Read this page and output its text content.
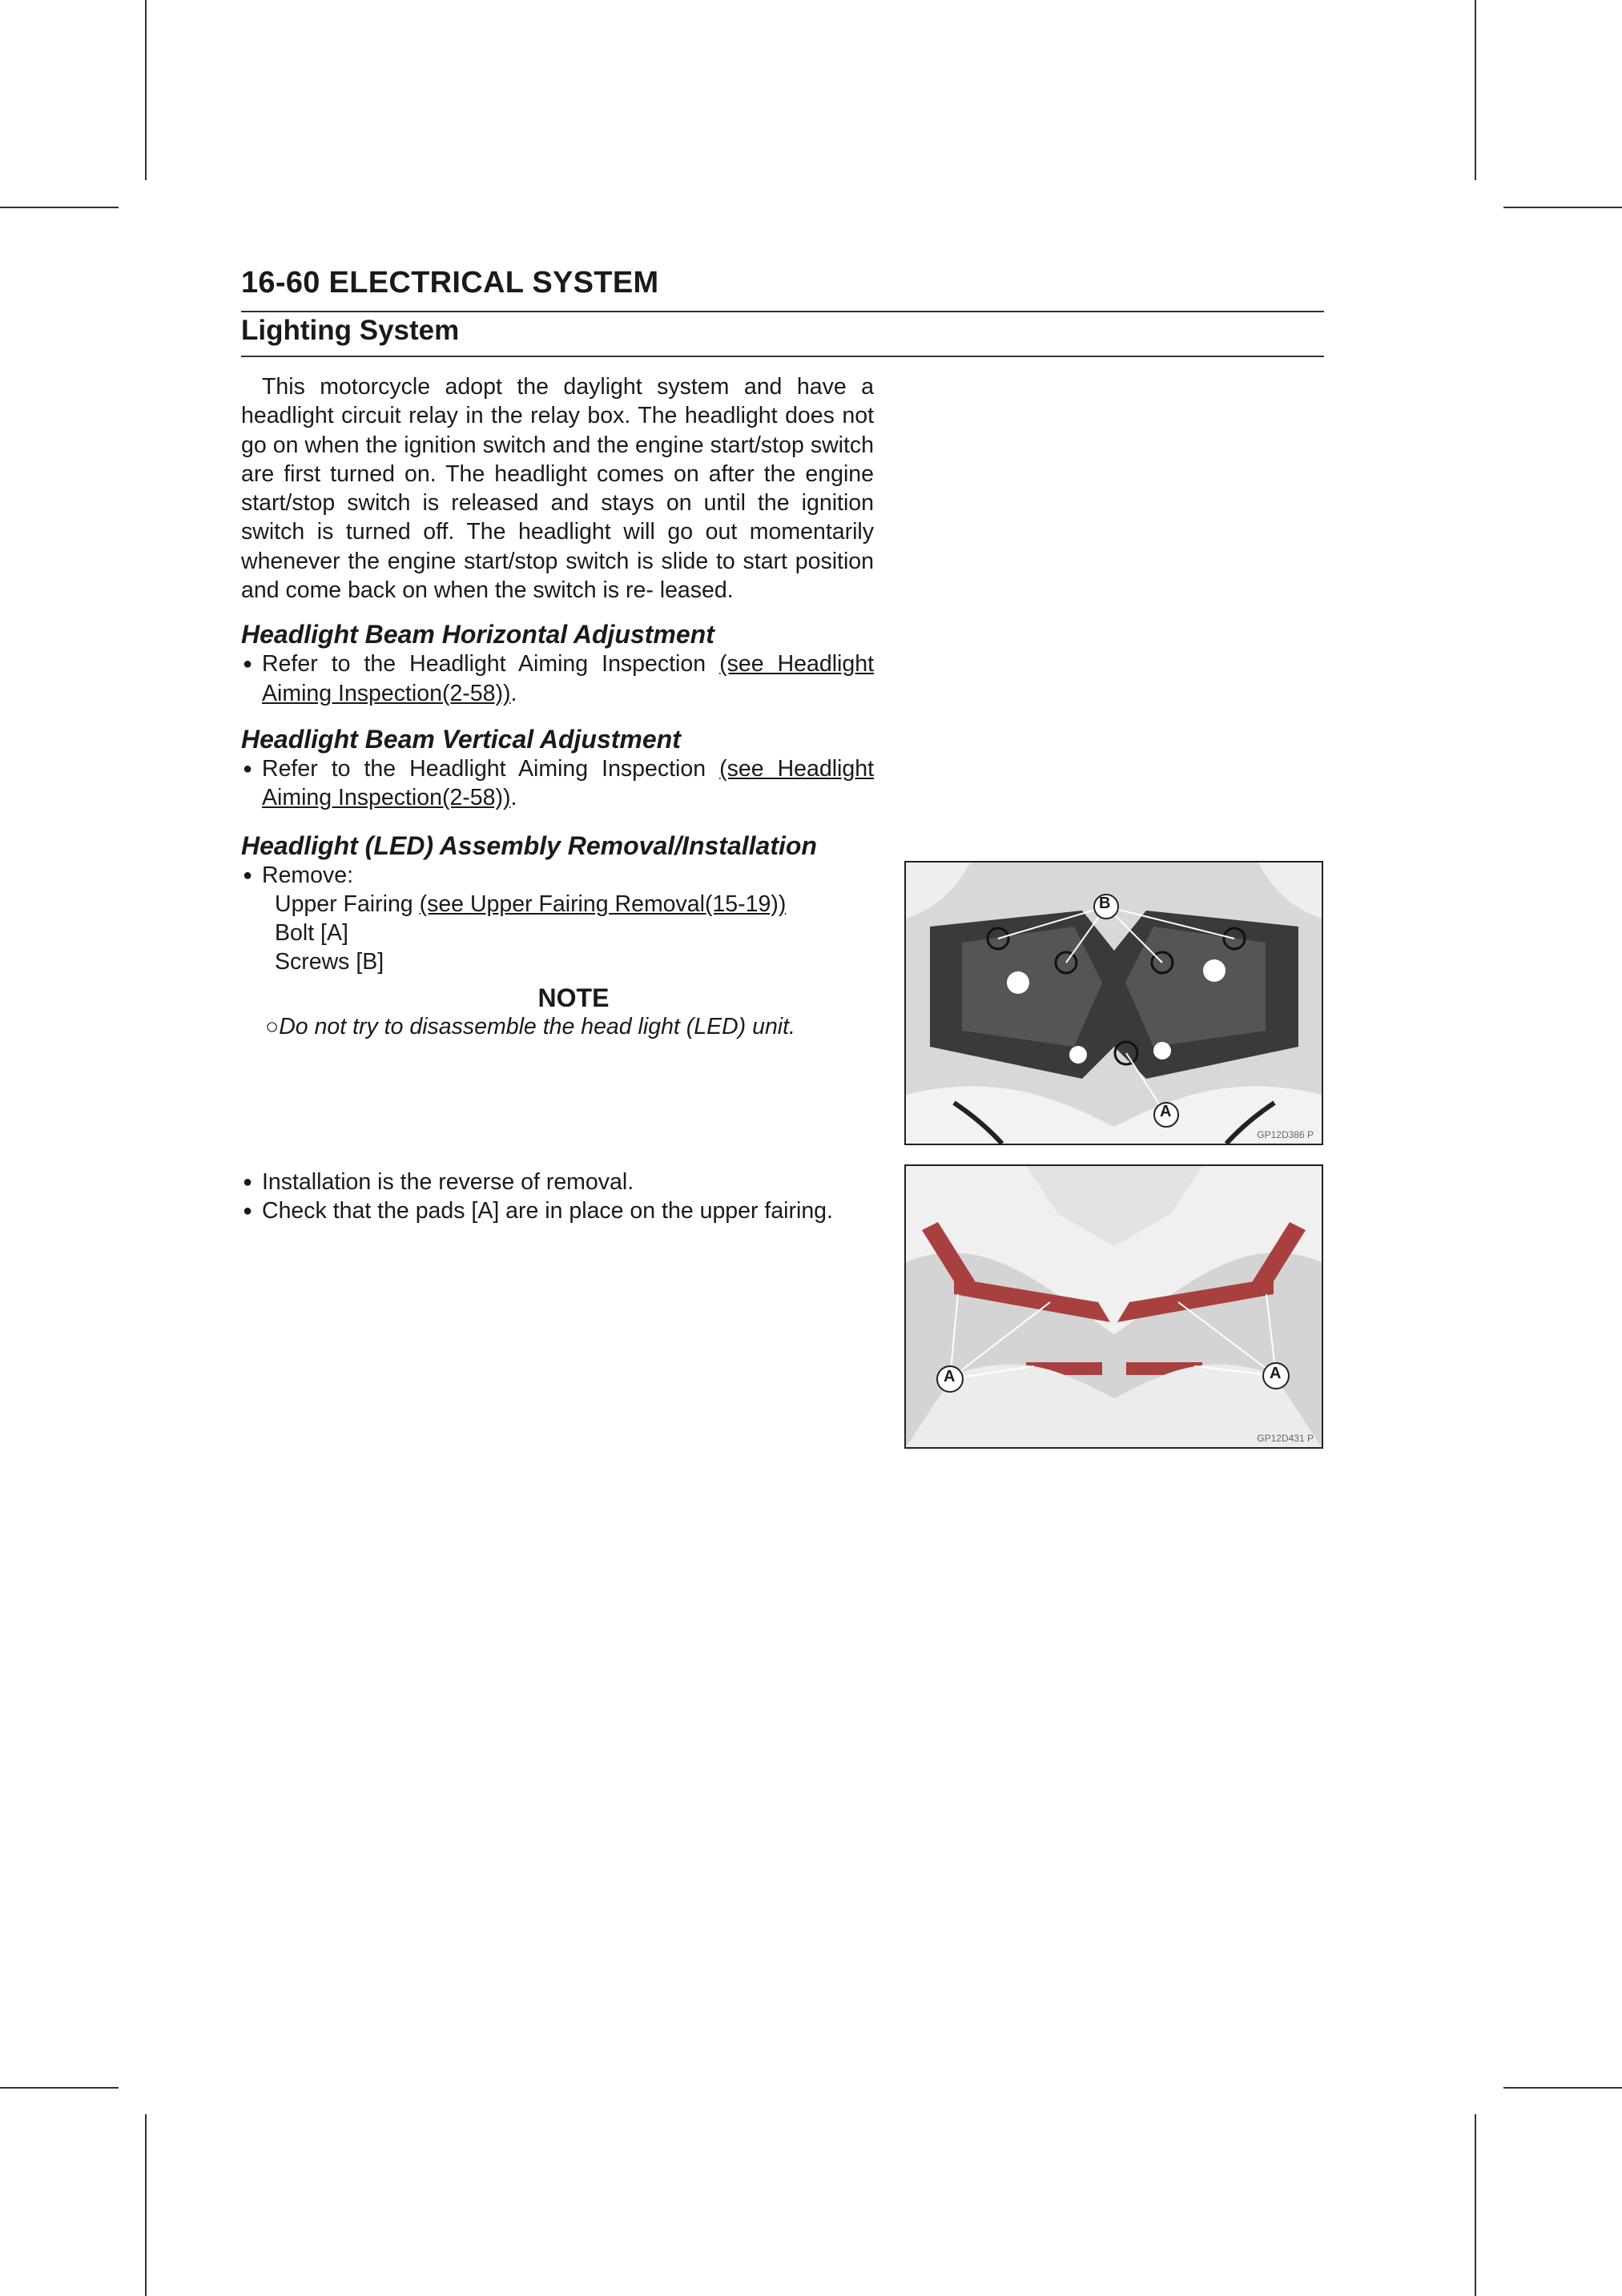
16-60 ELECTRICAL SYSTEM
Lighting System

This motorcycle adopt the daylight system and have a headlight circuit relay in the relay box. The headlight does not go on when the ignition switch and the engine start/stop switch are first turned on. The headlight comes on after the engine start/stop switch is released and stays on until the ignition switch is turned off. The headlight will go out momentarily whenever the engine start/stop switch is slide to start position and come back on when the switch is re- leased.

Headlight Beam Horizontal Adjustment

● Refer to the Headlight Aiming Inspection (see Headlight Aiming Inspection(2-58)).

Headlight Beam Vertical Adjustment

● Refer to the Headlight Aiming Inspection (see Headlight Aiming Inspection(2-58)).

Headlight (LED) Assembly Removal/Installation

● Remove:

Upper Fairing (see Upper Fairing Removal(15-19))

Bolt [A]

Screws [B]

NOTE

○Do not try to disassemble the head light (LED) unit.

● Installation is the reverse of removal.

● Check that the pads [A] are in place on the upper fairing.

B
A
GP12D386 P
A	A
GP12D431 P
